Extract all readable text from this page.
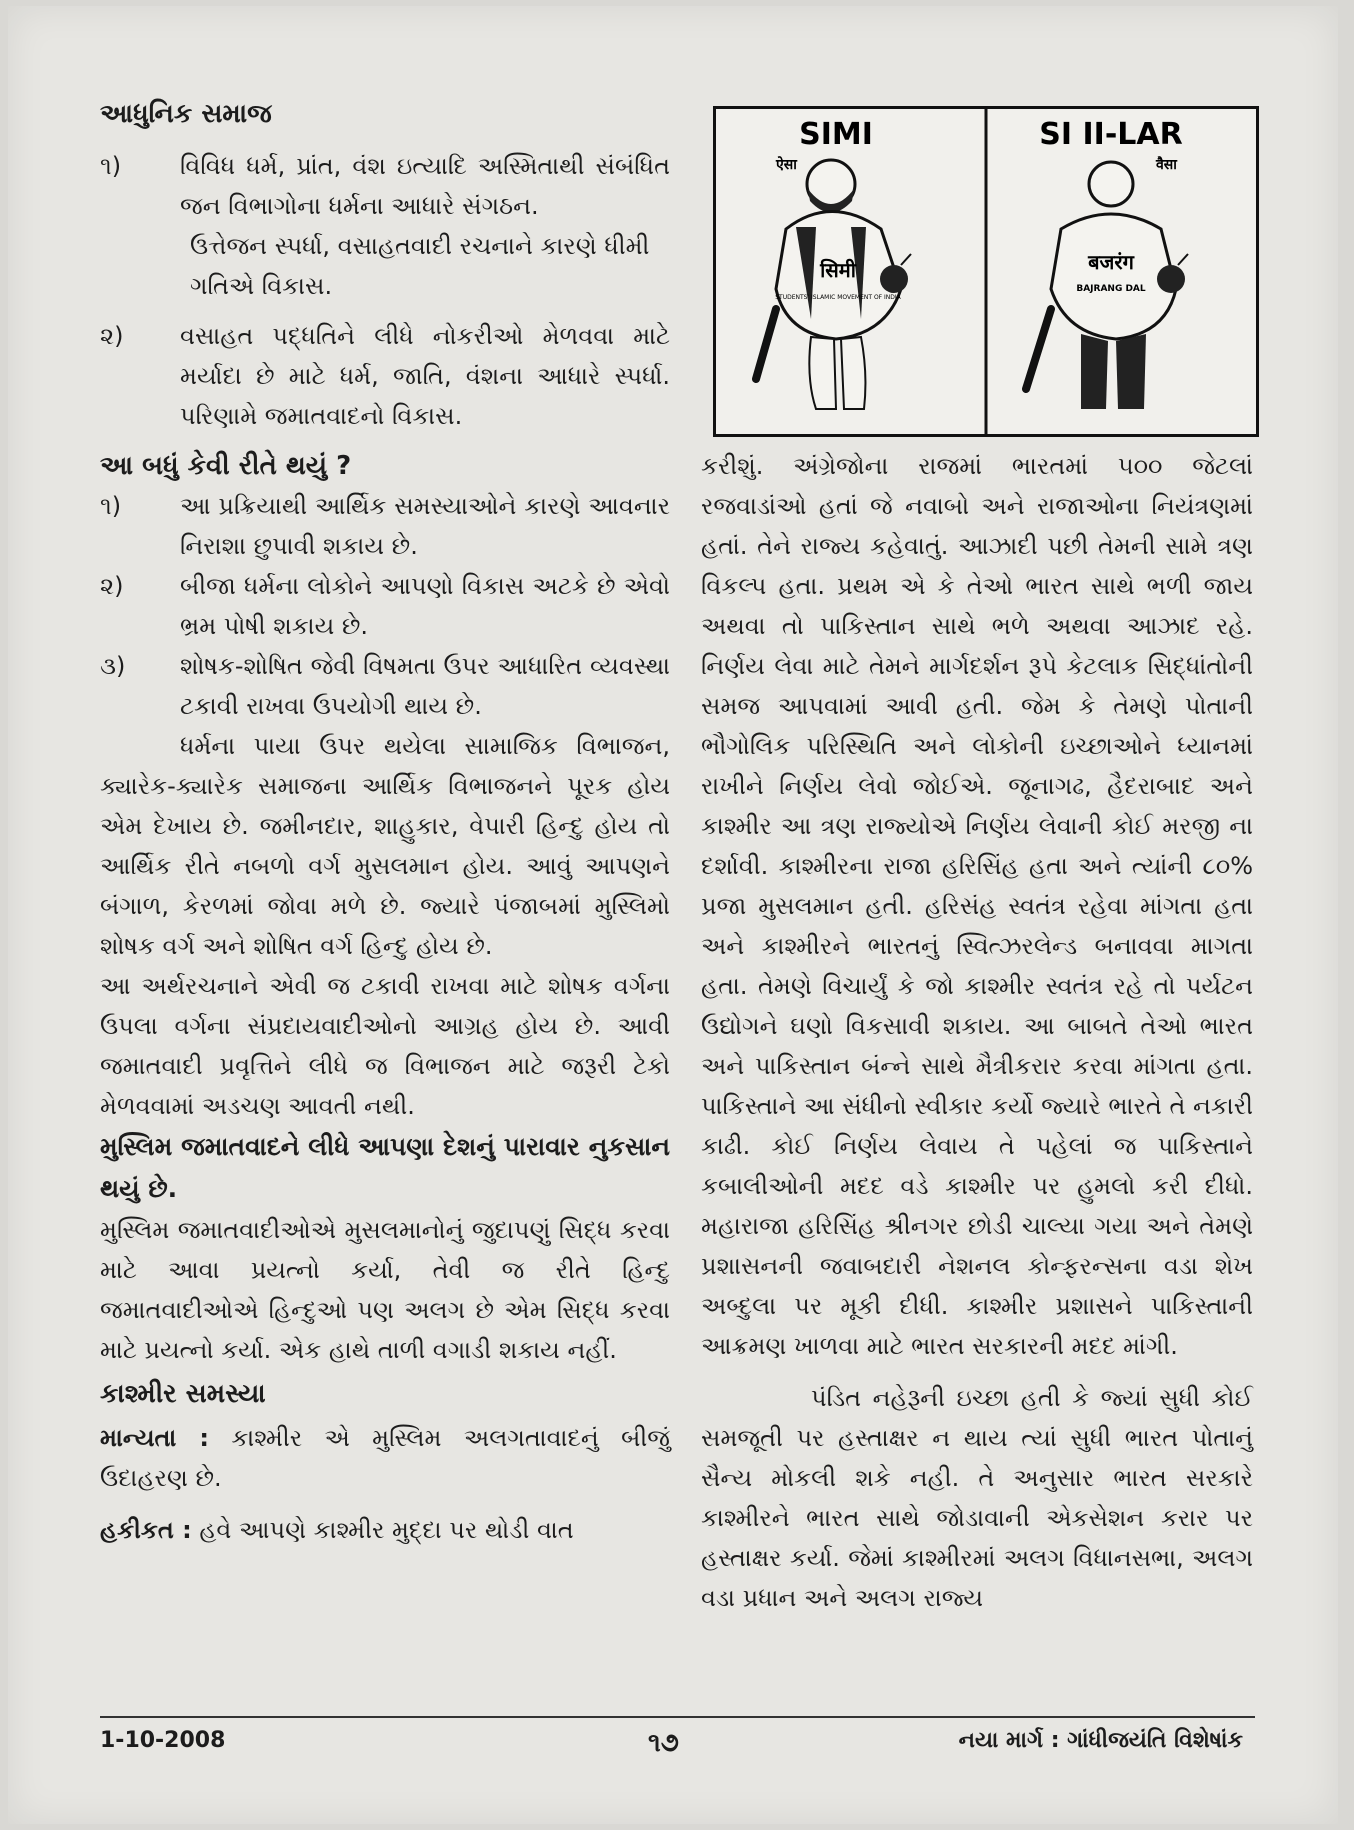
આધુનિક સમાજ
૧)	વિવિધ ધર્મ, પ્રાંત, વંશ ઇત્યાદિ અસ્મિતાથી સંબંધિત જન વિભાગોના ધર્મના આધારે સંગઠન.
ઉત્તેજન સ્પર્ધા, વસાહતવાદી રચનાને કારણે ધીમી ગતિએ વિકાસ.
૨)	વસાહત પદ્ધતિને લીધે નોકરીઓ મેળવવા માટે મર્યાદા છે માટે ધર્મ, જાતિ, વંશના આધારે સ્પર્ધા. પરિણામે જમાતવાદનો વિકાસ.
આ બધું કેવી રીતે થયું ?
૧)	આ પ્રક્રિયાથી આર્થિક સમસ્યાઓને કારણે આવનાર નિરાશા છુપાવી શકાય છે.
૨)	બીજા ધર્મના લોકોને આપણો વિકાસ અટકે છે એવો ભ્રમ પોષી શકાય છે.
૩)	શોષક-શોષિત જેવી વિષમતા ઉપર આધારિત વ્યવસ્થા ટકાવી રાખવા ઉપયોગી થાય છે.

ધર્મના પાયા ઉપર થયેલા સામાજિક વિભાજન, ક્યારેક-ક્યારેક સમાજના આર્થિક વિભાજનને પૂરક હોય એમ દેખાય છે. જમીનદાર, શાહુકાર, વેપારી હિન્દુ હોય તો આર્થિક રીતે નબળો વર્ગ મુસલમાન હોય. આવું આપણને બંગાળ, કેરળમાં જોવા મળે છે. જ્યારે પંજાબમાં મુસ્લિમો શોષક વર્ગ અને શોષિત વર્ગ હિન્દુ હોય છે.

આ અર્થરચનાને એવી જ ટકાવી રાખવા માટે શોષક વર્ગના ઉપલા વર્ગના સંપ્રદાયવાદીઓનો આગ્રહ હોય છે. આવી જમાતવાદી પ્રવૃત્તિને લીધે જ વિભાજન માટે જરૂરી ટેકો મેળવવામાં અડચણ આવતી નથી.

મુસ્લિમ જમાતવાદને લીધે આપણા દેશનું પારાવાર નુકસાન થયું છે.

મુસ્લિમ જમાતવાદીઓએ મુસલમાનોનું જુદાપણું સિદ્ધ કરવા માટે આવા પ્રયત્નો કર્યા, તેવી જ રીતે હિન્દુ જમાતવાદીઓએ હિન્દુઓ પણ અલગ છે એમ સિદ્ધ કરવા માટે પ્રયત્નો કર્યા. એક હાથે તાળી વગાડી શકાય નહીં.

કાશ્મીર સમસ્યા

માન્યતા : કાશ્મીર એ મુસ્લિમ અલગતાવાદનું બીજું ઉદાહરણ છે.

હકીકત : હવે આપણે કાશ્મીર મુદ્દા પર થોડી વાત

SIMI
ऐसा
SI II-LAR
वैसा
सिमी
STUDENTS' ISLAMIC MOVEMENT OF INDIA
बजरंग
BAJRANG DAL

કરીશું. અંગ્રેજોના રાજમાં ભારતમાં ૫૦૦ જેટલાં રજવાડાંઓ હતાં જે નવાબો અને રાજાઓના નિયંત્રણમાં હતાં. તેને રાજ્ય કહેવાતું. આઝાદી પછી તેમની સામે ત્રણ વિકલ્પ હતા. પ્રથમ એ કે તેઓ ભારત સાથે ભળી જાય અથવા તો પાકિસ્તાન સાથે ભળે અથવા આઝાદ રહે. નિર્ણય લેવા માટે તેમને માર્ગદર્શન રૂપે કેટલાક સિદ્ધાંતોની સમજ આપવામાં આવી હતી. જેમ કે તેમણે પોતાની ભૌગોલિક પરિસ્થિતિ અને લોકોની ઇચ્છાઓને ધ્યાનમાં રાખીને નિર્ણય લેવો જોઈએ. જૂનાગઢ, હૈદરાબાદ અને કાશ્મીર આ ત્રણ રાજ્યોએ નિર્ણય લેવાની કોઈ મરજી ના દર્શાવી. કાશ્મીરના રાજા હરિસિંહ હતા અને ત્યાંની ૮૦% પ્રજા મુસલમાન હતી. હરિસંહ સ્વતંત્ર રહેવા માંગતા હતા અને કાશ્મીરને ભારતનું સ્વિત્ઝરલેન્ડ બનાવવા માગતા હતા. તેમણે વિચાર્યું કે જો કાશ્મીર સ્વતંત્ર રહે તો પર્યટન ઉદ્યોગને ઘણો વિકસાવી શકાય. આ બાબતે તેઓ ભારત અને પાકિસ્તાન બંન્ને સાથે મૈત્રીકરાર કરવા માંગતા હતા. પાકિસ્તાને આ સંધીનો સ્વીકાર કર્યો જ્યારે ભારતે તે નકારી કાઢી. કોઈ નિર્ણય લેવાય તે પહેલાં જ પાકિસ્તાને કબાલીઓની મદદ વડે કાશ્મીર પર હુમલો કરી દીધો. મહારાજા હરિસિંહ શ્રીનગર છોડી ચાલ્યા ગયા અને તેમણે પ્રશાસનની જવાબદારી નેશનલ કોન્ફરન્સના વડા શેખ અબ્દુલા પર મૂકી દીધી. કાશ્મીર પ્રશાસને પાકિસ્તાની આક્રમણ ખાળવા માટે ભારત સરકારની મદદ માંગી.

પંડિત નહેરૂની ઇચ્છા હતી કે જ્યાં સુધી કોઈ સમજૂતી પર હસ્તાક્ષર ન થાય ત્યાં સુધી ભારત પોતાનું સૈન્ય મોકલી શકે નહી. તે અનુસાર ભારત સરકારે કાશ્મીરને ભારત સાથે જોડાવાની એકસેશન કરાર પર હસ્તાક્ષર કર્યા. જેમાં કાશ્મીરમાં અલગ વિધાનસભા, અલગ વડા પ્રધાન અને અલગ રાજ્ય

1-10-2008	૧૭	નયા માર્ગ : ગાંધીજયંતિ વિશેષાંક
